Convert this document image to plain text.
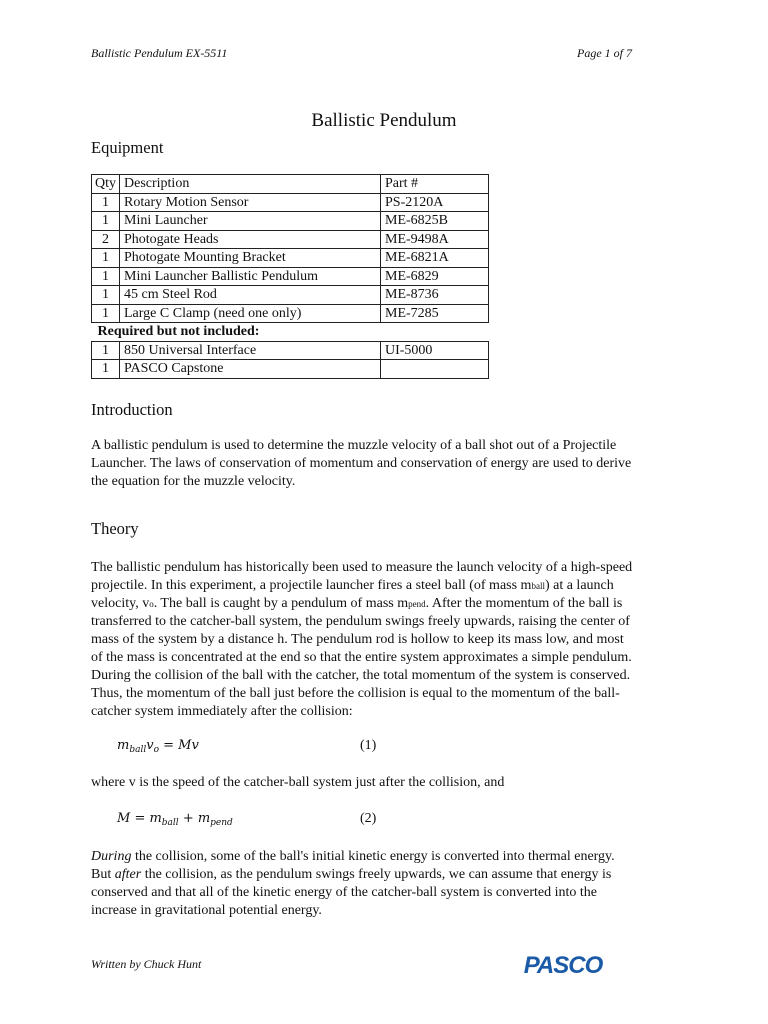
Ballistic Pendulum EX-5511	Page 1 of 7
Ballistic Pendulum
Equipment
Qty	Description	Part #
1	Rotary Motion Sensor	PS-2120A
1	Mini Launcher	ME-6825B
2	Photogate Heads	ME-9498A
1	Photogate Mounting Bracket	ME-6821A
1	Mini Launcher Ballistic Pendulum	ME-6829
1	45 cm Steel Rod	ME-8736
1	Large C Clamp (need one only)	ME-7285
Required but not included:		
1	850 Universal Interface	UI-5000
1	PASCO Capstone	
Introduction
A ballistic pendulum is used to determine the muzzle velocity of a ball shot out of a Projectile
Launcher. The laws of conservation of momentum and conservation of energy are used to derive
the equation for the muzzle velocity.
Theory
The ballistic pendulum has historically been used to measure the launch velocity of a high-speed
projectile. In this experiment, a projectile launcher fires a steel ball (of mass mball) at a launch
velocity, vo. The ball is caught by a pendulum of mass mpend. After the momentum of the ball is
transferred to the catcher-ball system, the pendulum swings freely upwards, raising the center of
mass of the system by a distance h. The pendulum rod is hollow to keep its mass low, and most
of the mass is concentrated at the end so that the entire system approximates a simple pendulum.
During the collision of the ball with the catcher, the total momentum of the system is conserved.
Thus, the momentum of the ball just before the collision is equal to the momentum of the ball-
catcher system immediately after the collision:
$m_{ball}v_o = Mv$	(1)
where v is the speed of the catcher-ball system just after the collision, and
$M = m_{ball} + m_{pend}$	(2)
During the collision, some of the ball's initial kinetic energy is converted into thermal energy.
But after the collision, as the pendulum swings freely upwards, we can assume that energy is
conserved and that all of the kinetic energy of the catcher-ball system is converted into the
increase in gravitational potential energy.
Written by Chuck Hunt	PASCO
